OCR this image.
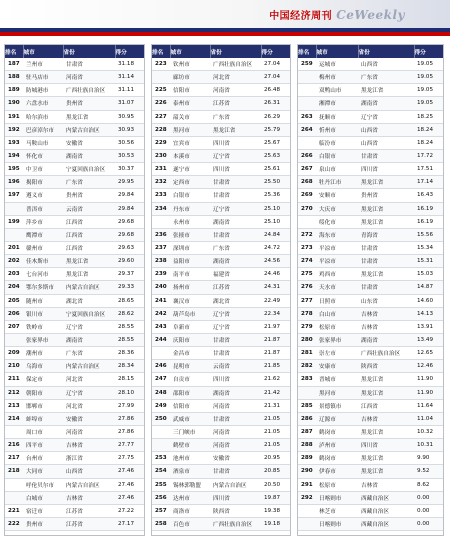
中国经济周刊 CeWeekly
排名	城市	省份	得分
187	兰州市	甘肃省	31.18
188	驻马店市	河南省	31.14
189	防城港市	广西壮族自治区	31.11
190	六盘水市	贵州省	31.07
191	哈尔滨市	黑龙江省	30.95
192	巴彦淖尔市	内蒙古自治区	30.93
193	马鞍山市	安徽省	30.56
194	怀化市	湖南省	30.53
195	中卫市	宁夏回族自治区	30.37
196	揭阳市	广东省	29.95
197	遵义市	贵州省	29.84
	普洱市	云南省	29.84
199	萍乡市	江西省	29.68
	鹰潭市	江西省	29.68
201	赣州市	江西省	29.63
202	佳木斯市	黑龙江省	29.60
203	七台河市	黑龙江省	29.37
204	鄂尔多斯市	内蒙古自治区	29.33
205	随州市	湖北省	28.65
206	银川市	宁夏回族自治区	28.62
207	铁岭市	辽宁省	28.55
	张家界市	湖南省	28.55
209	潮州市	广东省	28.36
210	乌海市	内蒙古自治区	28.34
211	保定市	河北省	28.15
212	朝阳市	辽宁省	28.10
213	邯郸市	河北省	27.99
214	蚌埠市	安徽省	27.86
	周口市	河南省	27.86
216	四平市	吉林省	27.77
217	台州市	浙江省	27.75
218	大同市	山西省	27.46
	呼伦贝尔市	内蒙古自治区	27.46
	白城市	吉林省	27.46
221	宿迁市	江苏省	27.22
222	贵州市	江苏省	27.17
排名	城市	省份	得分
223	钦州市	广西壮族自治区	27.04
	廊坊市	河北省	27.04
225	信阳市	河南省	26.48
226	泰州市	江苏省	26.31
227	韶关市	广东省	26.29
228	黑河市	黑龙江省	25.79
229	宜宾市	四川省	25.67
230	本溪市	辽宁省	25.63
231	遂宁市	四川省	25.61
232	定西市	甘肃省	25.50
233	白银市	甘肃省	25.36
234	丹东市	辽宁省	25.10
	永州市	湖南省	25.10
236	张掖市	甘肃省	24.84
237	深圳市	广东省	24.72
238	益阳市	湖南省	24.56
239	南平市	福建省	24.46
240	扬州市	江苏省	24.31
241	襄汉市	湖北省	22.49
242	葫芦岛市	辽宁省	22.34
243	阜新市	辽宁省	21.97
244	庆阳市	甘肃省	21.87
	金昌市	甘肃省	21.87
246	昆明市	云南省	21.85
247	自贡市	四川省	21.62
248	邵阳市	湖南省	21.42
249	信阳市	河南省	21.31
250	武威市	甘肃省	21.05
	三门峡市	河南省	21.05
	鹤壁市	河南省	21.05
253	池州市	安徽省	20.95
254	酒泉市	甘肃省	20.85
255	锡林郭勒盟	内蒙古自治区	20.50
256	达州市	四川省	19.87
257	商洛市	陕西省	19.38
258	百色市	广西壮族自治区	19.18
排名	城市	省份	得分
259	运城市	山西省	19.05
	梅州市	广东省	19.05
	双鸭山市	黑龙江省	19.05
	湘潭市	湖南省	19.05
263	抚顺市	辽宁省	18.25
264	忻州市	山西省	18.24
	临汾市	山西省	18.24
266	白银市	甘肃省	17.72
267	泉山市	四川省	17.51
268	牡丹江市	黑龙江省	17.14
269	安顺市	贵州省	16.43
270	大庆市	黑龙江省	16.19
	绥化市	黑龙江省	16.19
272	海东市	青海省	15.56
273	平凉市	甘肃省	15.34
274	平凉市	甘肃省	15.31
275	鸡西市	黑龙江省	15.03
276	天水市	甘肃省	14.87
277	日照市	山东省	14.60
278	白山市	吉林省	14.13
279	松原市	吉林省	13.91
280	张家界市	湖南省	13.49
281	崇左市	广西壮族自治区	12.65
282	安康市	陕西省	12.46
283	晋城市	黑龙江省	11.90
	黑河市	黑龙江省	11.90
285	景德镇市	江西省	11.64
286	辽源市	吉林省	11.04
287	鹤岗市	黑龙江省	10.32
288	泸州市	四川省	10.31
289	鹤岗市	黑龙江省	9.90
290	伊春市	黑龙江省	9.52
291	松原市	吉林省	8.62
292	日喀则市	西藏自治区	0.00
	林芝市	西藏自治区	0.00
	日喀则市	西藏自治区	0.00
